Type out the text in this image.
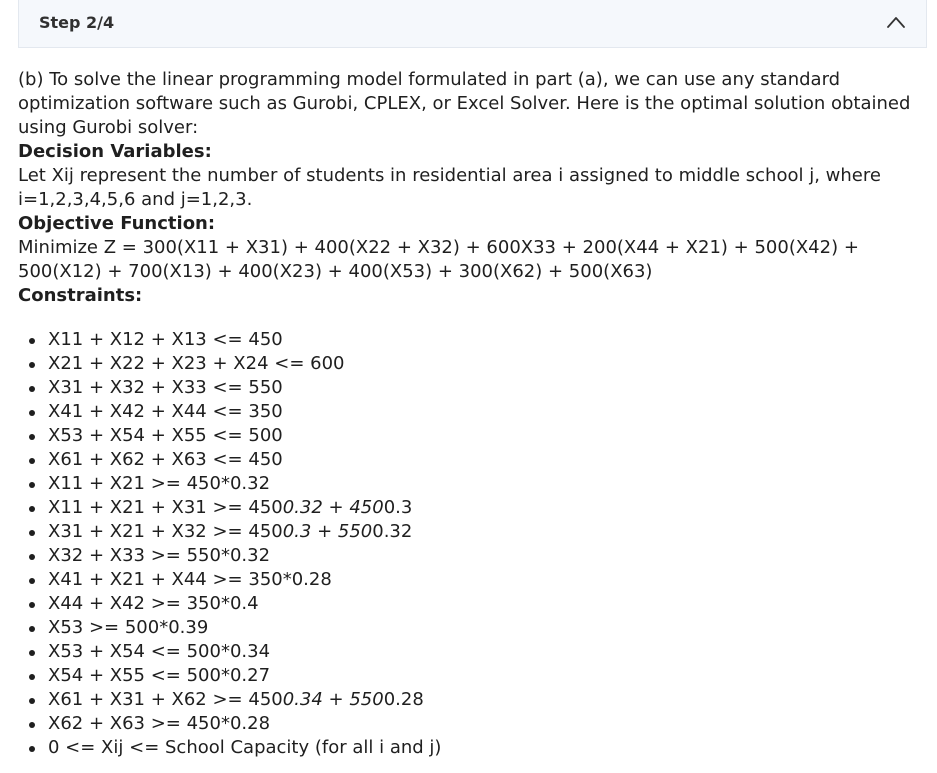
Step 2/4

(b) To solve the linear programming model formulated in part (a), we can use any standard optimization software such as Gurobi, CPLEX, or Excel Solver. Here is the optimal solution obtained using Gurobi solver:

Decision Variables:

Let Xij represent the number of students in residential area i assigned to middle school j, where i=1,2,3,4,5,6 and j=1,2,3.

Objective Function:

Minimize Z = 300(X11 + X31) + 400(X22 + X32) + 600X33 + 200(X44 + X21) + 500(X42) + 500(X12) + 700(X13) + 400(X23) + 400(X53) + 300(X62) + 500(X63)

Constraints:

X11 + X12 + X13 <= 450
X21 + X22 + X23 + X24 <= 600
X31 + X32 + X33 <= 550
X41 + X42 + X44 <= 350
X53 + X54 + X55 <= 500
X61 + X62 + X63 <= 450
X11 + X21 >= 450*0.32
X11 + X21 + X31 >= 4500.32 + 4500.3
X31 + X21 + X32 >= 4500.3 + 5500.32
X32 + X33 >= 550*0.32
X41 + X21 + X44 >= 350*0.28
X44 + X42 >= 350*0.4
X53 >= 500*0.39
X53 + X54 <= 500*0.34
X54 + X55 <= 500*0.27
X61 + X31 + X62 >= 4500.34 + 5500.28
X62 + X63 >= 450*0.28
0 <= Xij <= School Capacity (for all i and j)
